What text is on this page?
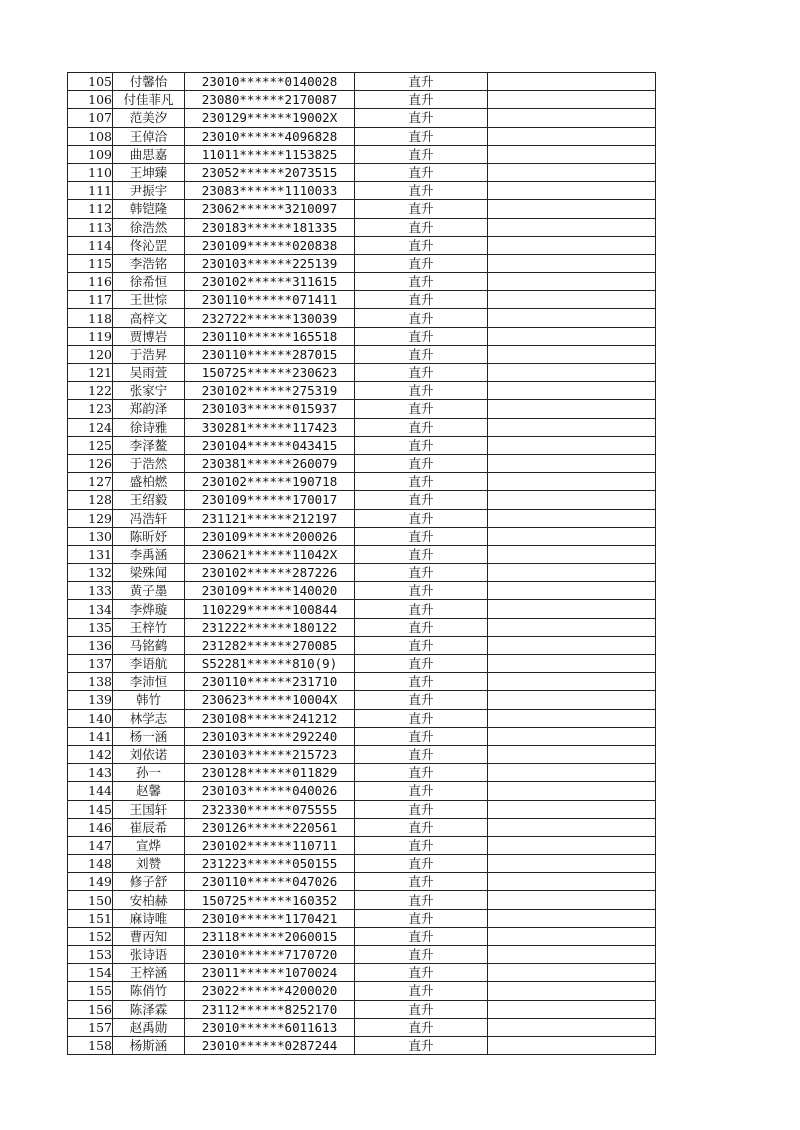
105	付馨怡	23010******0140028	直升	
106	付佳菲凡	23080******2170087	直升	
107	范美汐	230129******19002X	直升	
108	王倬洽	23010******4096828	直升	
109	曲思嘉	11011******1153825	直升	
110	王坤臻	23052******2073515	直升	
111	尹振宇	23083******1110033	直升	
112	韩铠隆	23062******3210097	直升	
113	徐浩然	230183******181335	直升	
114	佟沁罡	230109******020838	直升	
115	李浩铭	230103******225139	直升	
116	徐希恒	230102******311615	直升	
117	王世悰	230110******071411	直升	
118	高梓文	232722******130039	直升	
119	贾博岩	230110******165518	直升	
120	于浩昇	230110******287015	直升	
121	吴雨萱	150725******230623	直升	
122	张家宁	230102******275319	直升	
123	郑韵泽	230103******015937	直升	
124	徐诗雅	330281******117423	直升	
125	李泽鳌	230104******043415	直升	
126	于浩然	230381******260079	直升	
127	盛柏燃	230102******190718	直升	
128	王绍毅	230109******170017	直升	
129	冯浩轩	231121******212197	直升	
130	陈昕妤	230109******200026	直升	
131	李禹涵	230621******11042X	直升	
132	梁殊闻	230102******287226	直升	
133	黄子墨	230109******140020	直升	
134	李烨璇	110229******100844	直升	
135	王梓竹	231222******180122	直升	
136	马铭鹤	231282******270085	直升	
137	李语航	S52281******810(9)	直升	
138	李沛恒	230110******231710	直升	
139	韩竹	230623******10004X	直升	
140	林学志	230108******241212	直升	
141	杨一涵	230103******292240	直升	
142	刘依诺	230103******215723	直升	
143	孙一	230128******011829	直升	
144	赵馨	230103******040026	直升	
145	王国轩	232330******075555	直升	
146	崔辰希	230126******220561	直升	
147	宣烨	230102******110711	直升	
148	刘赞	231223******050155	直升	
149	修子舒	230110******047026	直升	
150	安柏赫	150725******160352	直升	
151	麻诗唯	23010******1170421	直升	
152	曹丙知	23118******2060015	直升	
153	张诗语	23010******7170720	直升	
154	王梓涵	23011******1070024	直升	
155	陈俏竹	23022******4200020	直升	
156	陈泽霖	23112******8252170	直升	
157	赵禹勋	23010******6011613	直升	
158	杨斯涵	23010******0287244	直升	
